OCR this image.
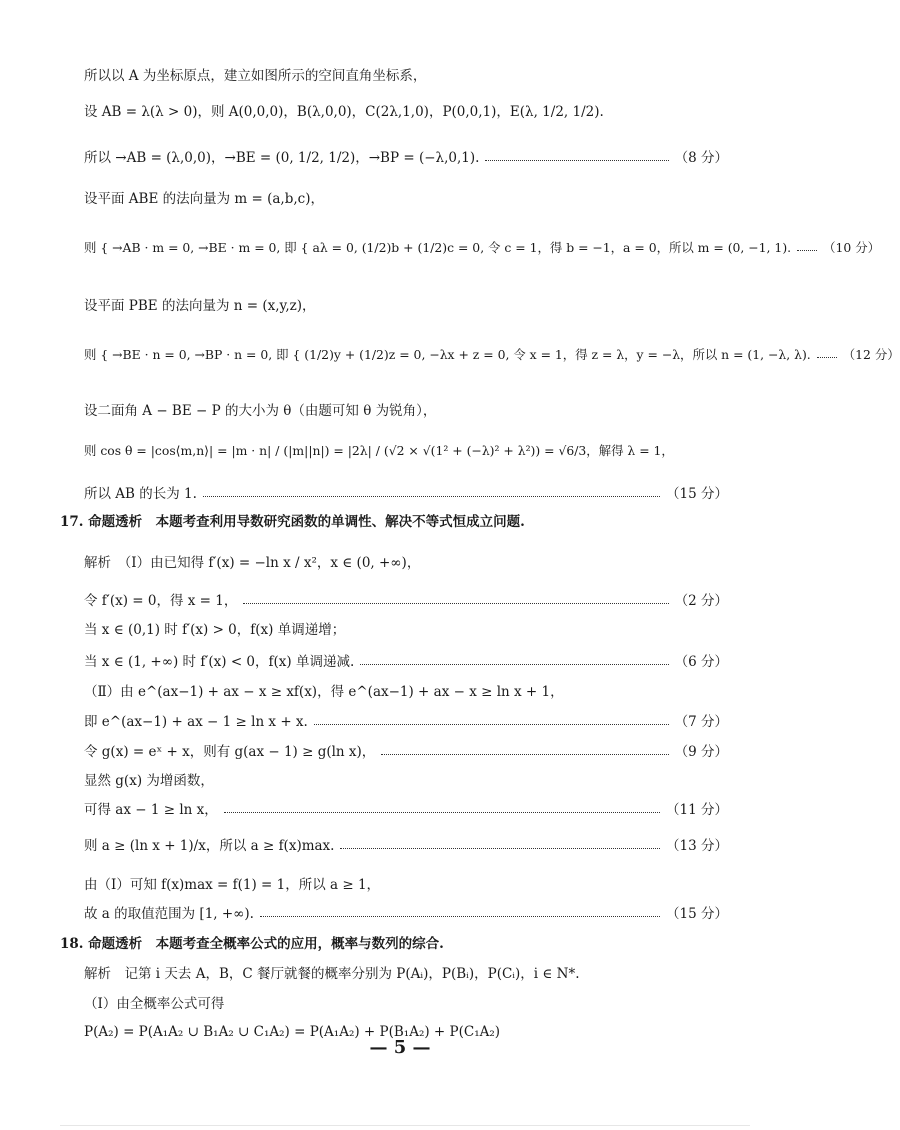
所以以 A 为坐标原点，建立如图所示的空间直角坐标系，
设 AB = λ(λ > 0)，则 A(0,0,0)，B(λ,0,0)，C(2λ,1,0)，P(0,0,1)，E(λ, 1/2, 1/2).
所以 →AB = (λ,0,0)，→BE = (0, 1/2, 1/2)，→BP = (−λ,0,1).	（8 分）
设平面 ABE 的法向量为 m = (a,b,c)，
则 { →AB · m = 0, →BE · m = 0, 即 { aλ = 0, (1/2)b + (1/2)c = 0, 令 c = 1，得 b = −1，a = 0，所以 m = (0, −1, 1).	（10 分）
设平面 PBE 的法向量为 n = (x,y,z)，
则 { →BE · n = 0, →BP · n = 0, 即 { (1/2)y + (1/2)z = 0, −λx + z = 0, 令 x = 1，得 z = λ，y = −λ，所以 n = (1, −λ, λ).	（12 分）
设二面角 A − BE − P 的大小为 θ（由题可知 θ 为锐角），
则 cos θ = |cos⟨m,n⟩| = |m · n| / (|m||n|) = |2λ| / (√2 × √(1² + (−λ)² + λ²)) = √6/3，解得 λ = 1，
所以 AB 的长为 1.	（15 分）
17. 命题透析　本题考查利用导数研究函数的单调性、解决不等式恒成立问题.
解析　（Ⅰ）由已知得 f′(x) = −ln x / x²，x ∈ (0, +∞)，
令 f′(x) = 0，得 x = 1，	（2 分）
当 x ∈ (0,1) 时 f′(x) > 0，f(x) 单调递增；
当 x ∈ (1, +∞) 时 f′(x) < 0，f(x) 单调递减.	（6 分）
（Ⅱ）由 e^(ax−1) + ax − x ≥ xf(x)，得 e^(ax−1) + ax − x ≥ ln x + 1，
即 e^(ax−1) + ax − 1 ≥ ln x + x.	（7 分）
令 g(x) = eˣ + x，则有 g(ax − 1) ≥ g(ln x)，	（9 分）
显然 g(x) 为增函数，
可得 ax − 1 ≥ ln x，	（11 分）
则 a ≥ (ln x + 1)/x，所以 a ≥ f(x)max.	（13 分）
由（Ⅰ）可知 f(x)max = f(1) = 1，所以 a ≥ 1，
故 a 的取值范围为 [1, +∞).	（15 分）
18. 命题透析　本题考查全概率公式的应用，概率与数列的综合.
解析　记第 i 天去 A，B，C 餐厅就餐的概率分别为 P(Aᵢ)，P(Bᵢ)，P(Cᵢ)，i ∈ N*.
（Ⅰ）由全概率公式可得
P(A₂) = P(A₁A₂ ∪ B₁A₂ ∪ C₁A₂) = P(A₁A₂) + P(B₁A₂) + P(C₁A₂)
— 5 —
